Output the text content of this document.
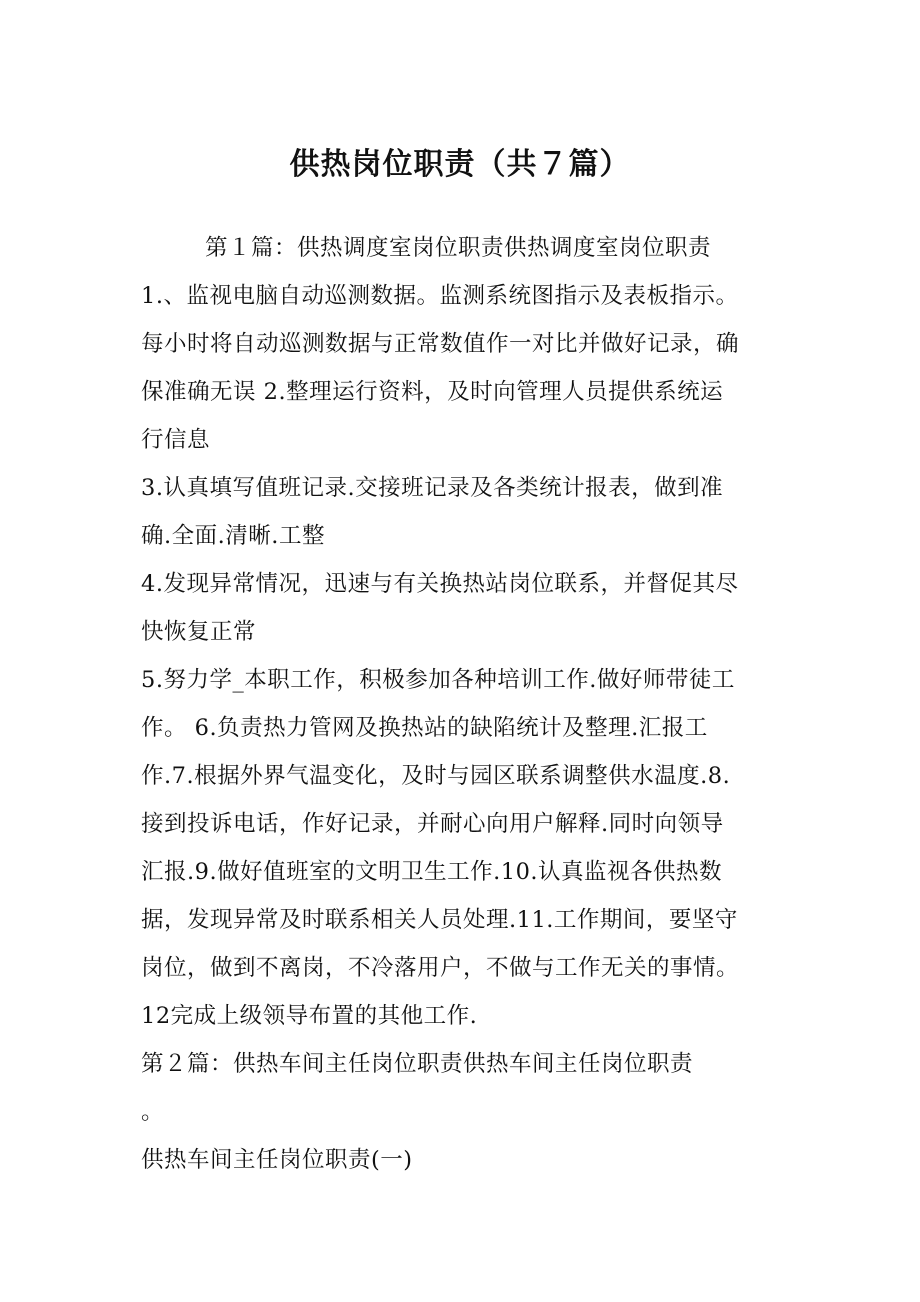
供热岗位职责（共７篇）
第１篇：供热调度室岗位职责供热调度室岗位职责
1.、监视电脑自动巡测数据。监测系统图指示及表板指示。
每小时将自动巡测数据与正常数值作一对比并做好记录，确
保准确无误 2.整理运行资料，及时向管理人员提供系统运
行信息
3.认真填写值班记录.交接班记录及各类统计报表，做到准
确.全面.清晰.工整
4.发现异常情况，迅速与有关换热站岗位联系，并督促其尽
快恢复正常
5.努力学_本职工作，积极参加各种培训工作.做好师带徒工
作。 6.负责热力管网及换热站的缺陷统计及整理.汇报工
作.7.根据外界气温变化，及时与园区联系调整供水温度.8.
接到投诉电话，作好记录，并耐心向用户解释.同时向领导
汇报.9.做好值班室的文明卫生工作.10.认真监视各供热数
据，发现异常及时联系相关人员处理.11.工作期间，要坚守
岗位，做到不离岗，不冷落用户，不做与工作无关的事情。
12完成上级领导布置的其他工作.
第２篇：供热车间主任岗位职责供热车间主任岗位职责
。
供热车间主任岗位职责(一)
